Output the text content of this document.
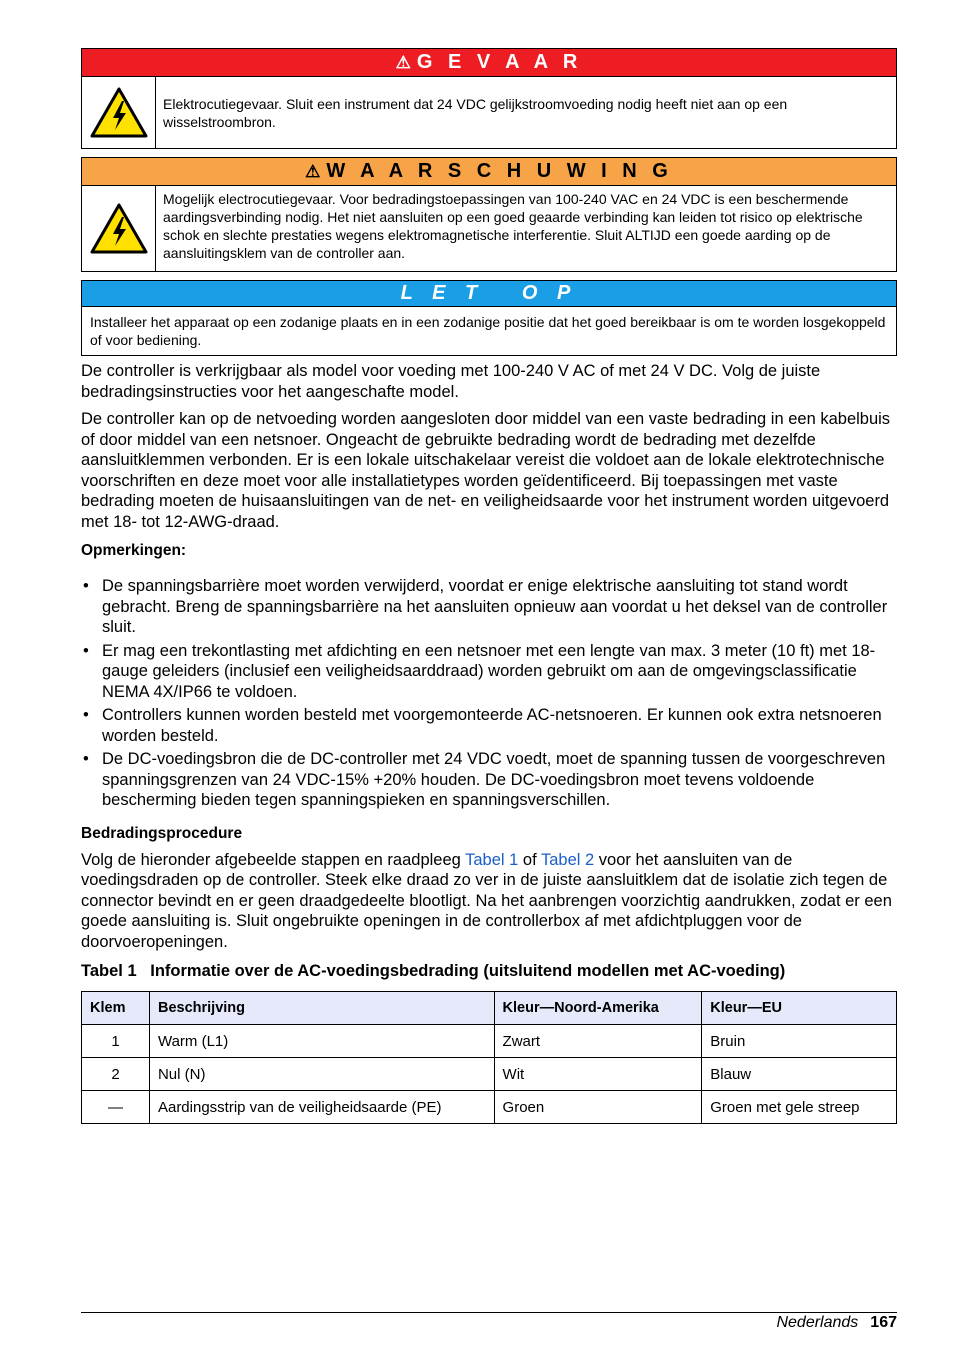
⚠ G E V A A R
Elektrocutiegevaar. Sluit een instrument dat 24 VDC gelijkstroomvoeding nodig heeft niet aan op een wisselstroombron.
⚠ W A A R S C H U W I N G
Mogelijk electrocutiegevaar. Voor bedradingstoepassingen van 100-240 VAC en 24 VDC is een beschermende aardingsverbinding nodig. Het niet aansluiten op een goed geaarde verbinding kan leiden tot risico op elektrische schok en slechte prestaties wegens elektromagnetische interferentie. Sluit ALTIJD een goede aarding op de aansluitingsklem van de controller aan.
L E T   O P
Installeer het apparaat op een zodanige plaats en in een zodanige positie dat het goed bereikbaar is om te worden losgekoppeld of voor bediening.

De controller is verkrijgbaar als model voor voeding met 100-240 V AC of met 24 V DC. Volg de juiste bedradingsinstructies voor het aangeschafte model.

De controller kan op de netvoeding worden aangesloten door middel van een vaste bedrading in een kabelbuis of door middel van een netsnoer. Ongeacht de gebruikte bedrading wordt de bedrading met dezelfde aansluitklemmen verbonden. Er is een lokale uitschakelaar vereist die voldoet aan de lokale elektrotechnische voorschriften en deze moet voor alle installatietypes worden geïdentificeerd. Bij toepassingen met vaste bedrading moeten de huisaansluitingen van de net- en veiligheidsaarde voor het instrument worden uitgevoerd met 18- tot 12-AWG-draad.

Opmerkingen:
• De spanningsbarrière moet worden verwijderd, voordat er enige elektrische aansluiting tot stand wordt gebracht. Breng de spanningsbarrière na het aansluiten opnieuw aan voordat u het deksel van de controller sluit.
• Er mag een trekontlasting met afdichting en een netsnoer met een lengte van max. 3 meter (10 ft) met 18-gauge geleiders (inclusief een veiligheidsaarddraad) worden gebruikt om aan de omgevingsclassificatie NEMA 4X/IP66 te voldoen.
• Controllers kunnen worden besteld met voorgemonteerde AC-netsnoeren. Er kunnen ook extra netsnoeren worden besteld.
• De DC-voedingsbron die de DC-controller met 24 VDC voedt, moet de spanning tussen de voorgeschreven spanningsgrenzen van 24 VDC-15% +20% houden. De DC-voedingsbron moet tevens voldoende bescherming bieden tegen spanningspieken en spanningsverschillen.
Bedradingsprocedure

Volg de hieronder afgebeelde stappen en raadpleeg Tabel 1 of Tabel 2 voor het aansluiten van de voedingsdraden op de controller. Steek elke draad zo ver in de juiste aansluitklem dat de isolatie zich tegen de connector bevindt en er geen draadgedeelte blootligt. Na het aanbrengen voorzichtig aandrukken, zodat er een goede aansluiting is. Sluit ongebruikte openingen in de controllerbox af met afdichtpluggen voor de doorvoeropeningen.

Tabel 1 Informatie over de AC-voedingsbedrading (uitsluitend modellen met AC-voeding)
Klem	Beschrijving	Kleur—Noord-Amerika	Kleur—EU
1	Warm (L1)	Zwart	Bruin
2	Nul (N)	Wit	Blauw
—	Aardingsstrip van de veiligheidsaarde (PE)	Groen	Groen met gele streep
Nederlands 167
